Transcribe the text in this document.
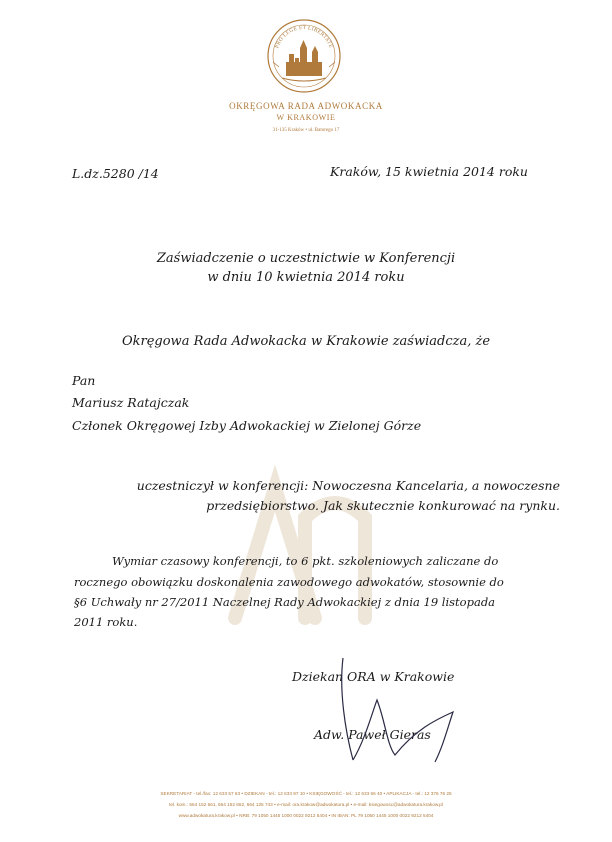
PRO LEGE ET LIBERTATE
OKRĘGOWA RADA ADWOKACKA
W KRAKOWIE
31-135 Kraków • ul. Batorego 17
L.dz.5280 /14	Kraków, 15 kwietnia 2014 roku
Zaświadczenie o uczestnictwie w Konferencji
w dniu 10 kwietnia 2014 roku
Okręgowa Rada Adwokacka w Krakowie zaświadcza, że
Pan
Mariusz Ratajczak
Członek Okręgowej Izby Adwokackiej w Zielonej Górze
uczestniczył w konferencji: Nowoczesna Kancelaria, a nowoczesne
przedsiębiorstwo. Jak skutecznie konkurować na rynku.
Wymiar czasowy konferencji, to 6 pkt. szkoleniowych zaliczane do
rocznego obowiązku doskonalenia zawodowego adwokatów, stosownie do
§6 Uchwały nr 27/2011 Naczelnej Rady Adwokackiej z dnia 19 listopada
2011 roku.
Dziekan ORA w Krakowie
Adw. Paweł Gieras
SEKRETARIAT - tel./fax: 12 633 57 63 • DZIEKAN - tel.: 12 633 97 10 • KSIĘGOWOŚĆ - tel.: 12 633 66 40 • APLIKACJA - tel.: 12 376 76 25
tel. kom.: 664 152 661, 664 152 662, 664 125 743 • e-mail: ora.krakow@adwokatura.pl • e-mail: ksiegowosc@adwokatura.krakow.pl
www.adwokatura.krakow.pl • NRB: 79 1050 1445 1000 0022 9212 5404 • IN IBAN: PL 79 1050 1445 1000 0022 9212 5404
